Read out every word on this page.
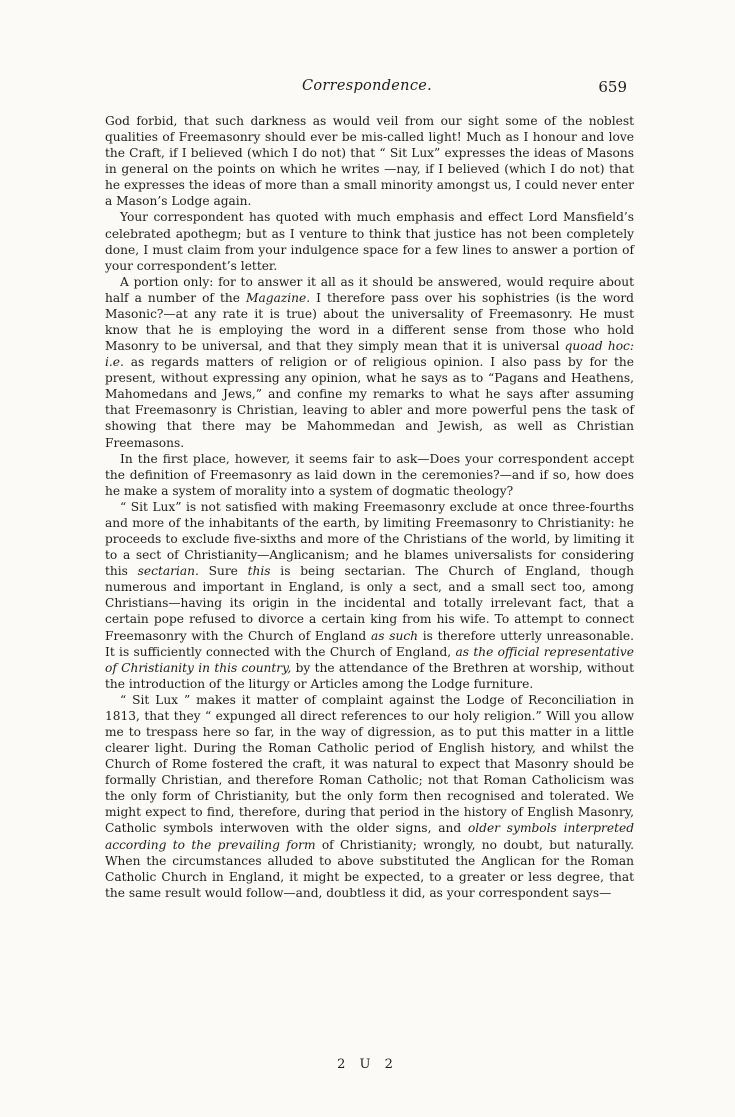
Correspondence.	659

God forbid, that such darkness as would veil from our sight some of the noblest qualities of Freemasonry should ever be mis-called light! Much as I honour and love the Craft, if I believed (which I do not) that “ Sit Lux” expresses the ideas of Masons in general on the points on which he writes —nay, if I believed (which I do not) that he expresses the ideas of more than a small minority amongst us, I could never enter a Mason’s Lodge again.

Your correspondent has quoted with much emphasis and effect Lord Mansfield’s celebrated apothegm; but as I venture to think that justice has not been completely done, I must claim from your indulgence space for a few lines to answer a portion of your correspondent’s letter.

A portion only: for to answer it all as it should be answered, would require about half a number of the Magazine. I therefore pass over his sophistries (is the word Masonic?—at any rate it is true) about the universality of Freemasonry. He must know that he is employing the word in a different sense from those who hold Masonry to be universal, and that they simply mean that it is universal quoad hoc: i.e. as regards matters of religion or of religious opinion. I also pass by for the present, without expressing any opinion, what he says as to “Pagans and Heathens, Mahomedans and Jews,” and confine my remarks to what he says after assuming that Freemasonry is Christian, leaving to abler and more powerful pens the task of showing that there may be Mahommedan and Jewish, as well as Christian Freemasons.

In the first place, however, it seems fair to ask—Does your correspondent accept the definition of Freemasonry as laid down in the ceremonies?—and if so, how does he make a system of morality into a system of dogmatic theology?

“ Sit Lux” is not satisfied with making Freemasonry exclude at once three-fourths and more of the inhabitants of the earth, by limiting Freemasonry to Christianity: he proceeds to exclude five-sixths and more of the Christians of the world, by limiting it to a sect of Christianity—Anglicanism; and he blames universalists for considering this sectarian. Sure this is being sectarian. The Church of England, though numerous and important in England, is only a sect, and a small sect too, among Christians—having its origin in the incidental and totally irrelevant fact, that a certain pope refused to divorce a certain king from his wife. To attempt to connect Freemasonry with the Church of England as such is therefore utterly unreasonable. It is sufficiently connected with the Church of England, as the official representative of Christianity in this country, by the attendance of the Brethren at worship, without the introduction of the liturgy or Articles among the Lodge furniture.

“ Sit Lux ” makes it matter of complaint against the Lodge of Reconciliation in 1813, that they “ expunged all direct references to our holy religion.” Will you allow me to trespass here so far, in the way of digression, as to put this matter in a little clearer light. During the Roman Catholic period of English history, and whilst the Church of Rome fostered the craft, it was natural to expect that Masonry should be formally Christian, and therefore Roman Catholic; not that Roman Catholicism was the only form of Christianity, but the only form then recognised and tolerated. We might expect to find, therefore, during that period in the history of English Masonry, Catholic symbols interwoven with the older signs, and older symbols interpreted according to the prevailing form of Christianity; wrongly, no doubt, but naturally. When the circumstances alluded to above substituted the Anglican for the Roman Catholic Church in England, it might be expected, to a greater or less degree, that the same result would follow—and, doubtless it did, as your correspondent says—

2 U 2
